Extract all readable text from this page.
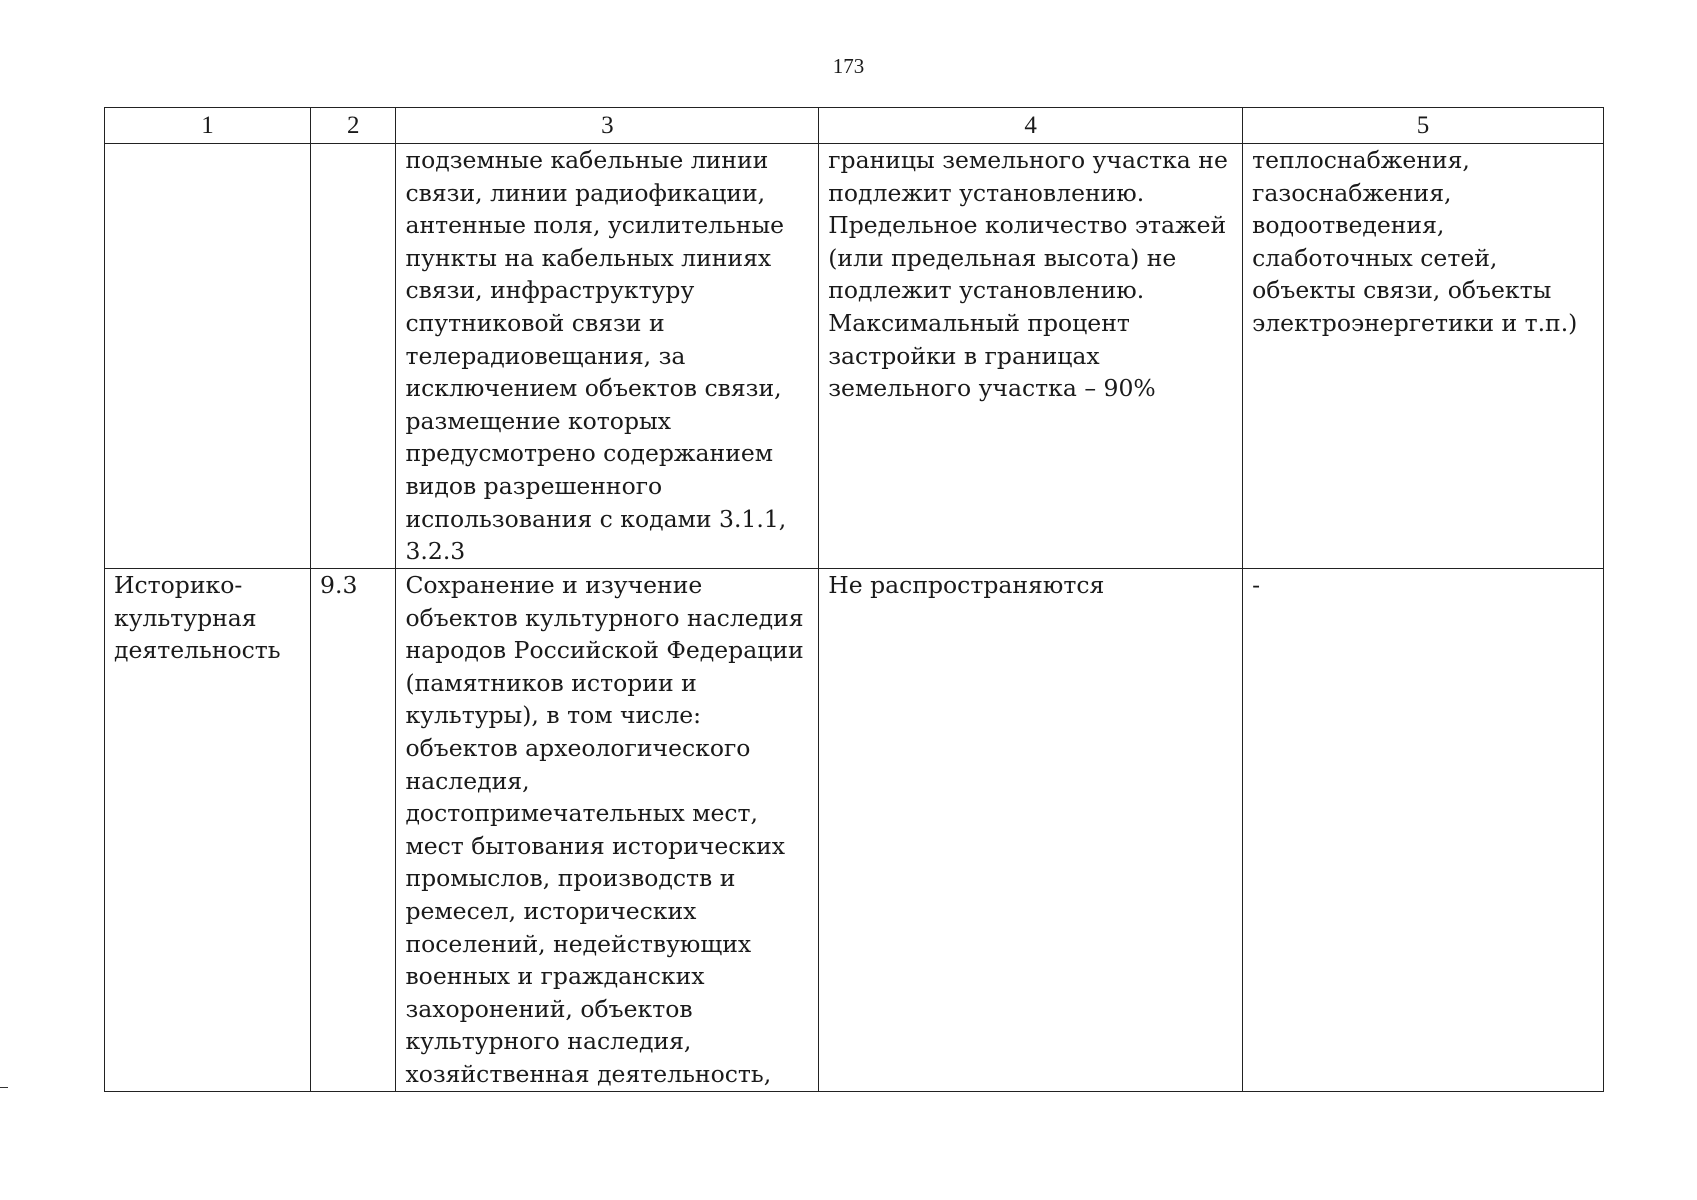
173
1	2	3	4	5

		подземные кабельные линии связи, линии радиофикации, антенные поля, усилительные пункты на кабельных линиях связи, инфраструктуру спутниковой связи и телерадиовещания, за исключением объектов связи, размещение которых предусмотрено содержанием видов разрешенного использования с кодами 3.1.1, 3.2.3	границы земельного участка не подлежит установлению. Предельное количество этажей (или предельная высота) не подлежит установлению. Максимальный процент застройки в границах земельного участка – 90%	теплоснабжения, газоснабжения, водоотведения, слаботочных сетей, объекты связи, объекты электроэнергетики и т.п.)

Историко-культурная деятельность	9.3	Сохранение и изучение объектов культурного наследия народов Российской Федерации (памятников истории и культуры), в том числе: объектов археологического наследия, достопримечательных мест, мест бытования исторических промыслов, производств и ремесел, исторических поселений, недействующих военных и гражданских захоронений, объектов культурного наследия, хозяйственная деятельность,	Не распространяются	-
